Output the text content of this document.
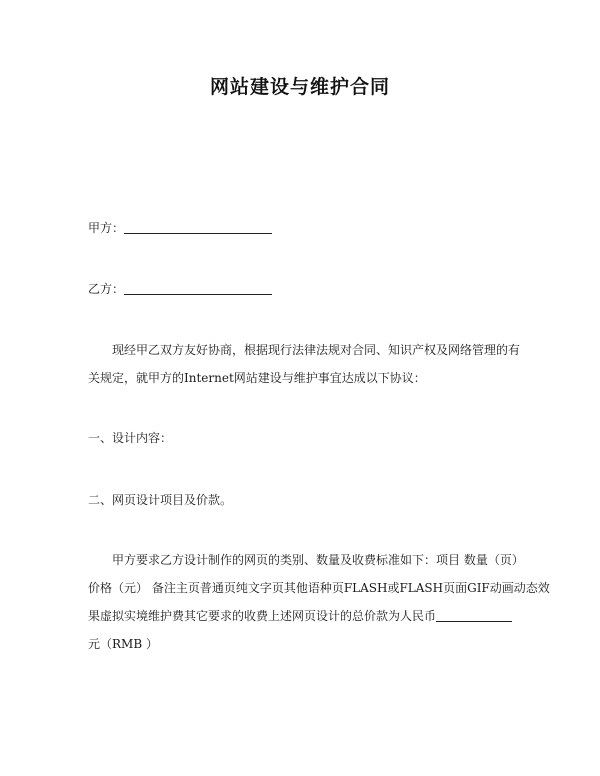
网站建设与维护合同
甲方：
乙方：
现经甲乙双方友好协商，根据现行法律法规对合同、知识产权及网络管理的有
关规定，就甲方的Internet网站建设与维护事宜达成以下协议：
一、设计内容：
二、网页设计项目及价款。
甲方要求乙方设计制作的网页的类别、数量及收费标准如下：项目 数量（页）
价格（元） 备注主页普通页纯文字页其他语种页FLASH或FLASH页面GIF动画动态效
果虚拟实境维护费其它要求的收费上述网页设计的总价款为人民币
元（RMB ）
